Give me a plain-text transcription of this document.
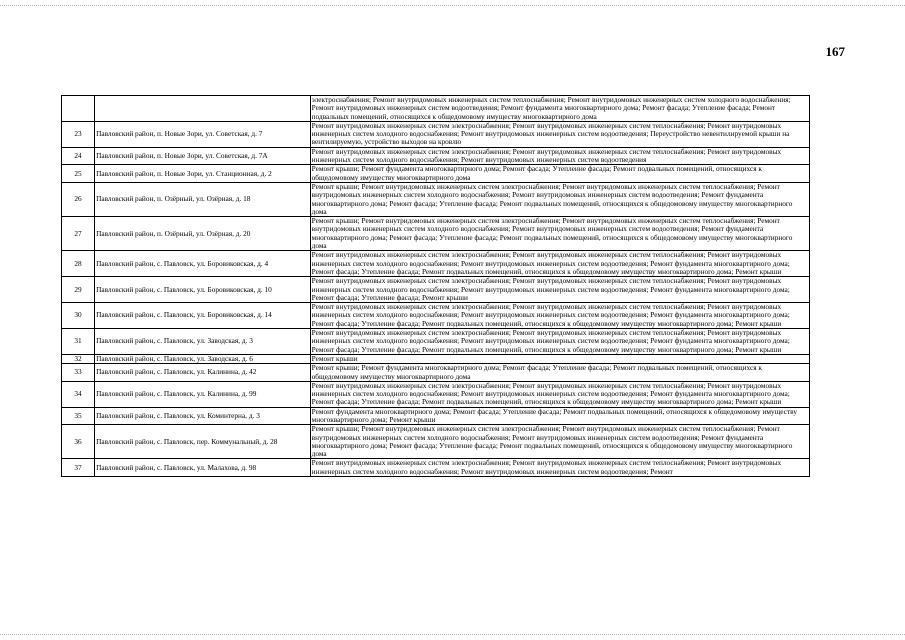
167
		электроснабжения; Ремонт внутридомовых инженерных систем теплоснабжения; Ремонт внутридомовых инженерных систем холодного водоснабжения; Ремонт внутридомовых инженерных систем водоотведения; Ремонт фундамента многоквартирного дома; Ремонт фасада; Утепление фасада; Ремонт подвальных помещений, относящихся к общедомовому имуществу многоквартирного дома
23	Павловский район, п. Новые Зори, ул. Советская, д. 7	Ремонт внутридомовых инженерных систем электроснабжения; Ремонт внутридомовых инженерных систем теплоснабжения; Ремонт внутридомовых инженерных систем холодного водоснабжения; Ремонт внутридомовых инженерных систем водоотведения; Переустройство невентилируемой крыши на вентилируемую, устройство выходов на кровлю
24	Павловский район, п. Новые Зори, ул. Советская, д. 7А	Ремонт внутридомовых инженерных систем электроснабжения; Ремонт внутридомовых инженерных систем теплоснабжения; Ремонт внутридомовых инженерных систем холодного водоснабжения; Ремонт внутридомовых инженерных систем водоотведения
25	Павловский район, п. Новые Зори, ул. Станционная, д. 2	Ремонт крыши; Ремонт фундамента многоквартирного дома; Ремонт фасада; Утепление фасада; Ремонт подвальных помещений, относящихся к общедомовому имуществу многоквартирного дома
26	Павловский район, п. Озёрный, ул. Озёрная, д. 18	Ремонт крыши; Ремонт внутридомовых инженерных систем электроснабжения; Ремонт внутридомовых инженерных систем теплоснабжения; Ремонт внутридомовых инженерных систем холодного водоснабжения; Ремонт внутридомовых инженерных систем водоотведения; Ремонт фундамента многоквартирного дома; Ремонт фасада; Утепление фасада; Ремонт подвальных помещений, относящихся к общедомовому имуществу многоквартирного дома
27	Павловский район, п. Озёрный, ул. Озёрная, д. 20	Ремонт крыши; Ремонт внутридомовых инженерных систем электроснабжения; Ремонт внутридомовых инженерных систем теплоснабжения; Ремонт внутридомовых инженерных систем холодного водоснабжения; Ремонт внутридомовых инженерных систем водоотведения; Ремонт фундамента многоквартирного дома; Ремонт фасада; Утепление фасада; Ремонт подвальных помещений, относящихся к общедомовому имуществу многоквартирного дома
28	Павловский район, с. Павловск, ул. Боровиковская, д. 4	Ремонт внутридомовых инженерных систем электроснабжения; Ремонт внутридомовых инженерных систем теплоснабжения; Ремонт внутридомовых инженерных систем холодного водоснабжения; Ремонт внутридомовых инженерных систем водоотведения; Ремонт фундамента многоквартирного дома; Ремонт фасада; Утепление фасада; Ремонт подвальных помещений, относящихся к общедомовому имуществу многоквартирного дома; Ремонт крыши
29	Павловский район, с. Павловск, ул. Боровиковская, д. 10	Ремонт внутридомовых инженерных систем электроснабжения; Ремонт внутридомовых инженерных систем теплоснабжения; Ремонт внутридомовых инженерных систем холодного водоснабжения; Ремонт внутридомовых инженерных систем водоотведения; Ремонт фундамента многоквартирного дома; Ремонт фасада; Утепление фасада; Ремонт крыши
30	Павловский район, с. Павловск, ул. Боровиковская, д. 14	Ремонт внутридомовых инженерных систем электроснабжения; Ремонт внутридомовых инженерных систем теплоснабжения; Ремонт внутридомовых инженерных систем холодного водоснабжения; Ремонт внутридомовых инженерных систем водоотведения; Ремонт фундамента многоквартирного дома; Ремонт фасада; Утепление фасада; Ремонт подвальных помещений, относящихся к общедомовому имуществу многоквартирного дома; Ремонт крыши
31	Павловский район, с. Павловск, ул. Заводская, д. 3	Ремонт внутридомовых инженерных систем электроснабжения; Ремонт внутридомовых инженерных систем теплоснабжения; Ремонт внутридомовых инженерных систем холодного водоснабжения; Ремонт внутридомовых инженерных систем водоотведения; Ремонт фундамента многоквартирного дома; Ремонт фасада; Утепление фасада; Ремонт подвальных помещений, относящихся к общедомовому имуществу многоквартирного дома; Ремонт крыши
32	Павловский район, с. Павловск, ул. Заводская, д. 6	Ремонт крыши
33	Павловский район, с. Павловск, ул. Калинина, д. 42	Ремонт крыши; Ремонт фундамента многоквартирного дома; Ремонт фасада; Утепление фасада; Ремонт подвальных помещений, относящихся к общедомовому имуществу многоквартирного дома
34	Павловский район, с. Павловск, ул. Калинина, д. 99	Ремонт внутридомовых инженерных систем электроснабжения; Ремонт внутридомовых инженерных систем теплоснабжения; Ремонт внутридомовых инженерных систем холодного водоснабжения; Ремонт внутридомовых инженерных систем водоотведения; Ремонт фундамента многоквартирного дома; Ремонт фасада; Утепление фасада; Ремонт подвальных помещений, относящихся к общедомовому имуществу многоквартирного дома; Ремонт крыши
35	Павловский район, с. Павловск, ул. Коминтерна, д. 3	Ремонт фундамента многоквартирного дома; Ремонт фасада; Утепление фасада; Ремонт подвальных помещений, относящихся к общедомовому имуществу многоквартирного дома; Ремонт крыши
36	Павловский район, с. Павловск, пер. Коммунальный, д. 28	Ремонт крыши; Ремонт внутридомовых инженерных систем электроснабжения; Ремонт внутридомовых инженерных систем теплоснабжения; Ремонт внутридомовых инженерных систем холодного водоснабжения; Ремонт внутридомовых инженерных систем водоотведения; Ремонт фундамента многоквартирного дома; Ремонт фасада; Утепление фасада; Ремонт подвальных помещений, относящихся к общедомовому имуществу многоквартирного дома
37	Павловский район, с. Павловск, ул. Малахова, д. 98	Ремонт внутридомовых инженерных систем электроснабжения; Ремонт внутридомовых инженерных систем теплоснабжения; Ремонт внутридомовых инженерных систем холодного водоснабжения; Ремонт внутридомовых инженерных систем водоотведения; Ремонт
